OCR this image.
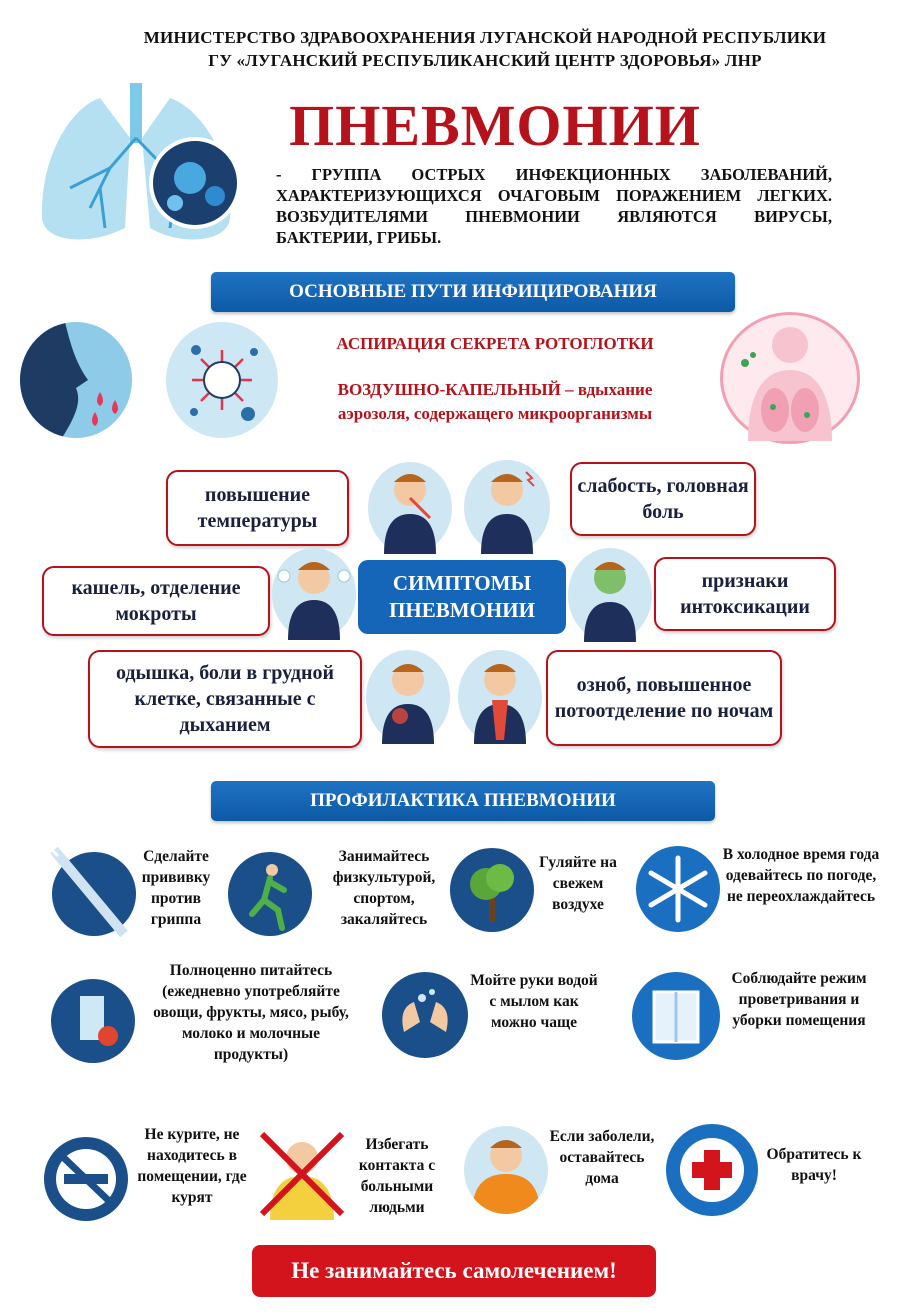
МИНИСТЕРСТВО ЗДРАВООХРАНЕНИЯ ЛУГАНСКОЙ НАРОДНОЙ РЕСПУБЛИКИ
ГУ «ЛУГАНСКИЙ РЕСПУБЛИКАНСКИЙ ЦЕНТР ЗДОРОВЬЯ» ЛНР
ПНЕВМОНИИ
- ГРУППА ОСТРЫХ ИНФЕКЦИОННЫХ ЗАБОЛЕВАНИЙ, ХАРАКТЕРИЗУЮЩИХСЯ ОЧАГОВЫМ ПОРАЖЕНИЕМ ЛЕГКИХ. ВОЗБУДИТЕЛЯМИ ПНЕВМОНИИ ЯВЛЯЮТСЯ ВИРУСЫ, БАКТЕРИИ, ГРИБЫ.
ОСНОВНЫЕ ПУТИ ИНФИЦИРОВАНИЯ
АСПИРАЦИЯ СЕКРЕТА РОТОГЛОТКИ
ВОЗДУШНО-КАПЕЛЬНЫЙ – вдыхание
аэрозоля, содержащего микроорганизмы
повышение температуры
слабость, головная боль
кашель, отделение мокроты
признаки интоксикации
одышка, боли в грудной клетке, связанные с дыханием
озноб, повышенное потоотделение по ночам
СИМПТОМЫ ПНЕВМОНИИ
ПРОФИЛАКТИКА ПНЕВМОНИИ
Сделайте прививку против гриппа
Занимайтесь физкультурой, спортом, закаляйтесь
Гуляйте на свежем воздухе
В холодное время года одевайтесь по погоде, не переохлаждайтесь
Полноценно питайтесь (ежедневно употребляйте овощи, фрукты, мясо, рыбу, молоко и молочные продукты)
Мойте руки водой с мылом как можно чаще
Соблюдайте режим проветривания и уборки помещения
Не курите, не находитесь в помещении, где курят
Избегать контакта с больными людьми
Если заболели, оставайтесь дома
Обратитесь к врачу!
Не занимайтесь самолечением!
